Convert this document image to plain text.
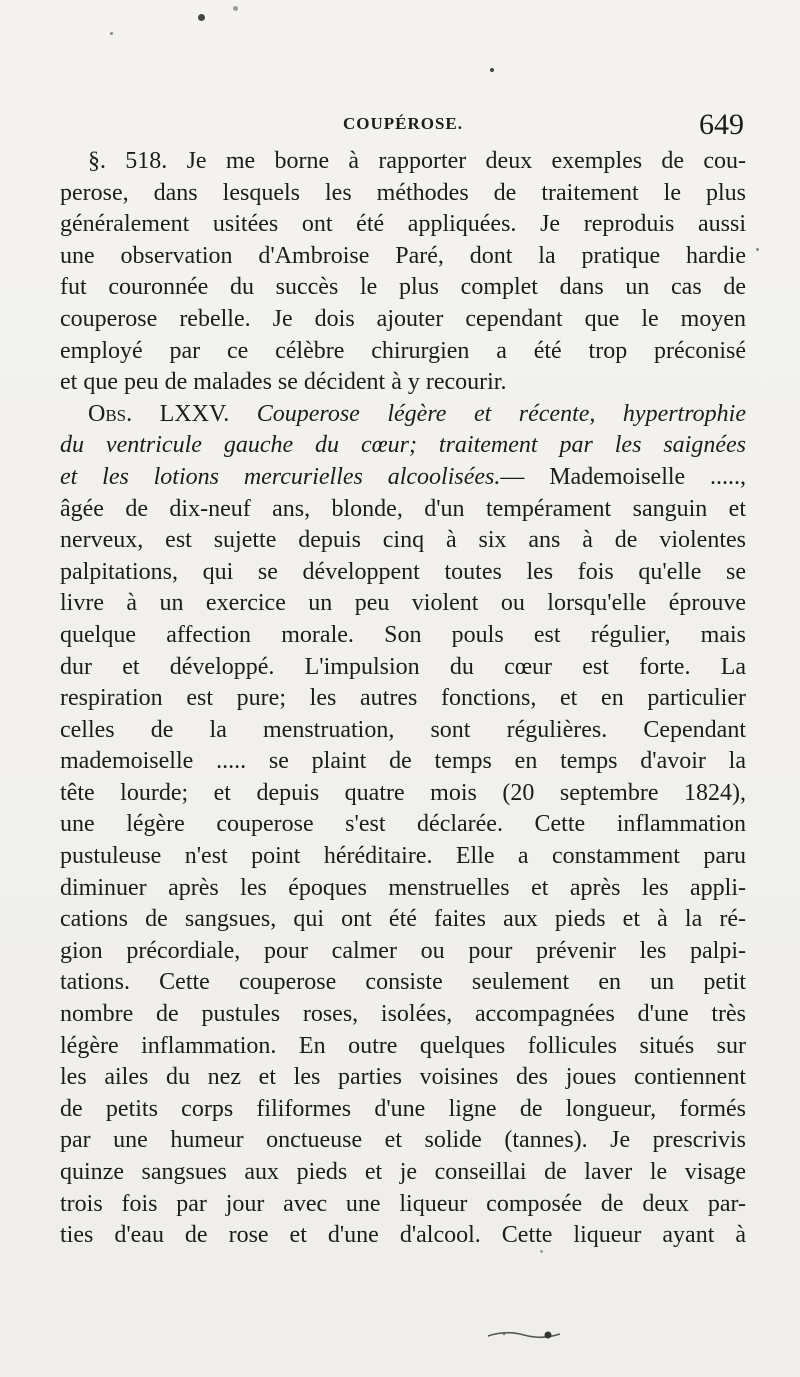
COUPÉROSE.	649
§. 518. Je me borne à rapporter deux exemples de cou-
perose, dans lesquels les méthodes de traitement le plus
généralement usitées ont été appliquées. Je reproduis aussi
une observation d'Ambroise Paré, dont la pratique hardie
fut couronnée du succès le plus complet dans un cas de
couperose rebelle. Je dois ajouter cependant que le moyen
employé par ce célèbre chirurgien a été trop préconisé
et que peu de malades se décident à y recourir.
Obs. LXXV. Couperose légère et récente, hypertrophie
du ventricule gauche du cœur; traitement par les saignées
et les lotions mercurielles alcoolisées.— Mademoiselle .....,
âgée de dix-neuf ans, blonde, d'un tempérament sanguin et
nerveux, est sujette depuis cinq à six ans à de violentes
palpitations, qui se développent toutes les fois qu'elle se
livre à un exercice un peu violent ou lorsqu'elle éprouve
quelque affection morale. Son pouls est régulier, mais
dur et développé. L'impulsion du cœur est forte. La
respiration est pure; les autres fonctions, et en particulier
celles de la menstruation, sont régulières. Cependant
mademoiselle ..... se plaint de temps en temps d'avoir la
tête lourde; et depuis quatre mois (20 septembre 1824),
une légère couperose s'est déclarée. Cette inflammation
pustuleuse n'est point héréditaire. Elle a constamment paru
diminuer après les époques menstruelles et après les appli-
cations de sangsues, qui ont été faites aux pieds et à la ré-
gion précordiale, pour calmer ou pour prévenir les palpi-
tations. Cette couperose consiste seulement en un petit
nombre de pustules roses, isolées, accompagnées d'une très
légère inflammation. En outre quelques follicules situés sur
les ailes du nez et les parties voisines des joues contiennent
de petits corps filiformes d'une ligne de longueur, formés
par une humeur onctueuse et solide (tannes). Je prescrivis
quinze sangsues aux pieds et je conseillai de laver le visage
trois fois par jour avec une liqueur composée de deux par-
ties d'eau de rose et d'une d'alcool. Cette liqueur ayant à
